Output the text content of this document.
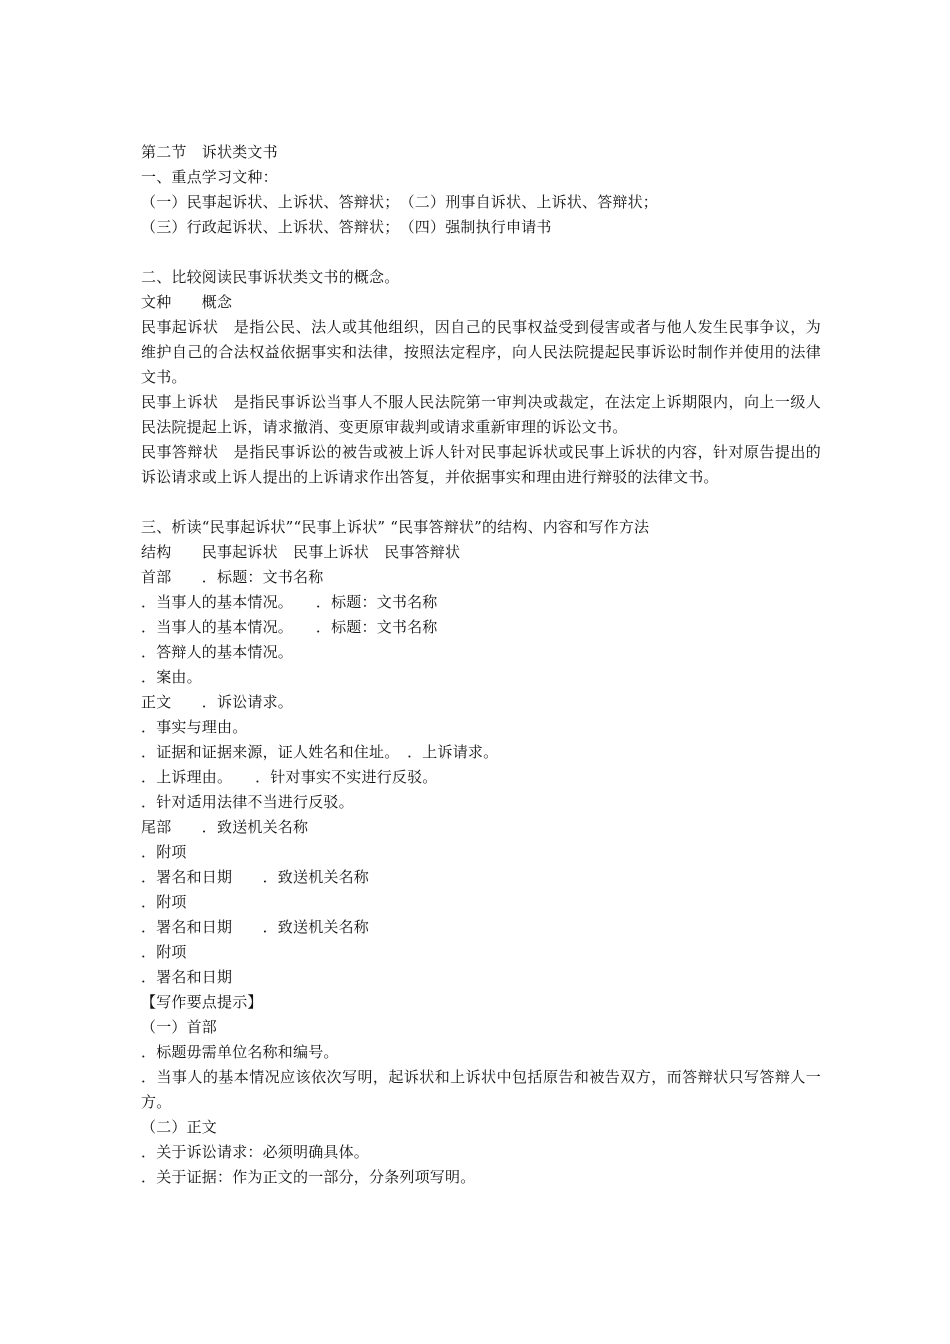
第二节　诉状类文书
一、重点学习文种：
（一）民事起诉状、上诉状、答辩状；　（二）刑事自诉状、上诉状、答辩状；
（三）行政起诉状、上诉状、答辩状；　（四）强制执行申请书
二、比较阅读民事诉状类文书的概念。
文种　　概念
民事起诉状　是指公民、法人或其他组织，因自己的民事权益受到侵害或者与他人发生民事争议，为维护自己的合法权益依据事实和法律，按照法定程序，向人民法院提起民事诉讼时制作并使用的法律文书。
民事上诉状　是指民事诉讼当事人不服人民法院第一审判决或裁定，在法定上诉期限内，向上一级人民法院提起上诉，请求撤消、变更原审裁判或请求重新审理的诉讼文书。
民事答辩状　是指民事诉讼的被告或被上诉人针对民事起诉状或民事上诉状的内容，针对原告提出的诉讼请求或上诉人提出的上诉请求作出答复，并依据事实和理由进行辩驳的法律文书。
三、析读“民事起诉状”“民事上诉状” “民事答辩状”的结构、内容和写作方法
结构　　民事起诉状　民事上诉状　民事答辩状
首部　　．标题：文书名称
．当事人的基本情况。　　．标题：文书名称
．当事人的基本情况。　　．标题：文书名称
．答辩人的基本情况。
．案由。
正文　　．诉讼请求。
．事实与理由。
．证据和证据来源，证人姓名和住址。　．上诉请求。
．上诉理由。　　．针对事实不实进行反驳。
．针对适用法律不当进行反驳。
尾部　　．致送机关名称
．附项
．署名和日期　　．致送机关名称
．附项
．署名和日期　　．致送机关名称
．附项
．署名和日期
【写作要点提示】
（一）首部
．标题毋需单位名称和编号。
．当事人的基本情况应该依次写明，起诉状和上诉状中包括原告和被告双方，而答辩状只写答辩人一方。
（二）正文
．关于诉讼请求：必须明确具体。
．关于证据：作为正文的一部分，分条列项写明。
